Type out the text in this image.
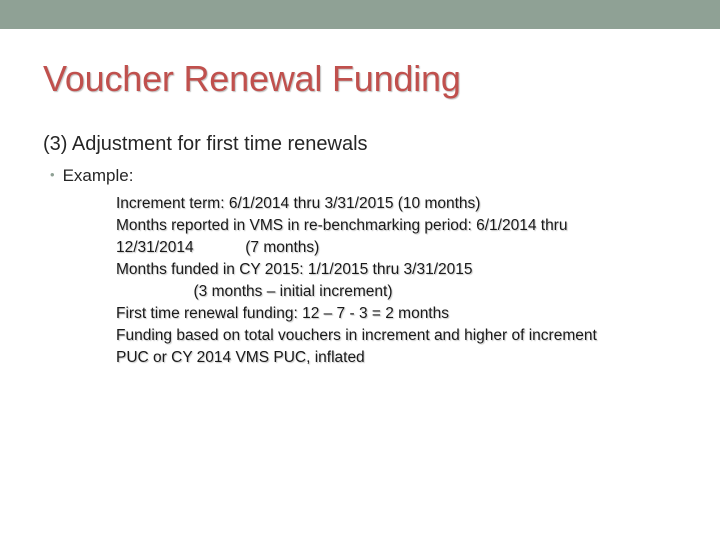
Voucher Renewal Funding
(3) Adjustment for first time renewals
• Example:
Increment term: 6/1/2014 thru 3/31/2015 (10 months)
Months reported in VMS in re-benchmarking period: 6/1/2014 thru
12/31/2014            (7 months)
Months funded in CY 2015: 1/1/2015 thru 3/31/2015
(3 months – initial increment)
First time renewal funding: 12 – 7 - 3 = 2 months
Funding based on total vouchers in increment and higher of increment
PUC or CY 2014 VMS PUC, inflated
